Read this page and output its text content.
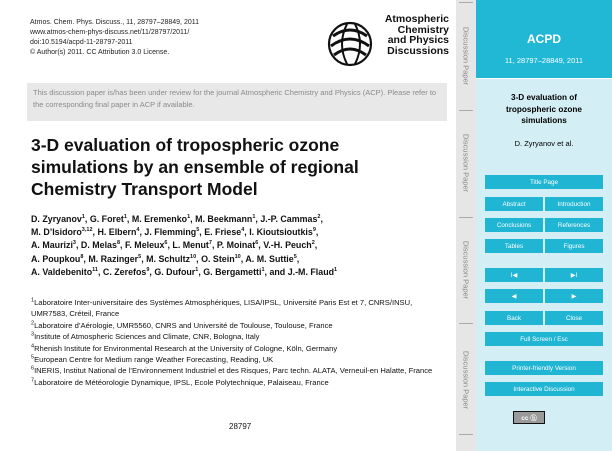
Atmos. Chem. Phys. Discuss., 11, 28797–28849, 2011
www.atmos-chem-phys-discuss.net/11/28797/2011/
doi:10.5194/acpd-11-28797-2011
© Author(s) 2011. CC Attribution 3.0 License.
Atmospheric
Chemistry
and Physics
Discussions
This discussion paper is/has been under review for the journal Atmospheric Chemistry and Physics (ACP). Please refer to the corresponding final paper in ACP if available.
3-D evaluation of tropospheric ozone
simulations by an ensemble of regional
Chemistry Transport Model
D. Zyryanov$^1$, G. Foret$^1$, M. Eremenko$^1$, M. Beekmann$^1$, J.-P. Cammas$^2$,
M. D’Isidoro$^{3,12}$, H. Elbern$^4$, J. Flemming$^5$, E. Friese$^4$, I. Kioutsioutkis$^9$,
A. Maurizi$^3$, D. Melas$^8$, F. Meleux$^6$, L. Menut$^7$, P. Moinat$^6$, V.-H. Peuch$^2$,
A. Poupkou$^8$, M. Razinger$^5$, M. Schultz$^{10}$, O. Stein$^{10}$, A. M. Suttie$^5$,
A. Valdebenito$^{11}$, C. Zerefos$^9$, G. Dufour$^1$, G. Bergametti$^1$, and J.-M. Flaud$^1$

$^1$Laboratoire Inter-universitaire des Systèmes Atmosphériques, LISA/IPSL, Université Paris Est et 7, CNRS/INSU, UMR7583, Créteil, France

$^2$Laboratoire d’Aérologie, UMR5560, CNRS and Université de Toulouse, Toulouse, France

$^3$Institute of Atmospheric Sciences and Climate, CNR, Bologna, Italy

$^4$Rhenish Institute for Environmental Research at the University of Cologne, Köln, Germany

$^5$European Centre for Medium range Weather Forecasting, Reading, UK

$^6$INERIS, Institut National de l’Environnement Industriel et des Risques, Parc techn. ALATA, Verneuil-en Halatte, France

$^7$Laboratoire de Météorologie Dynamique, IPSL, Ecole Polytechnique, Palaiseau, France

28797
Discussion Paper
Discussion Paper
Discussion Paper
Discussion Paper
ACPD
11, 28797–28849, 2011
3-D evaluation of
tropospheric ozone
simulations
D. Zyryanov et al.
Title Page
Abstract	Introduction
Conclusions	References
Tables	Figures
I◀	▶I
◀	▶
Back	Close
Full Screen / Esc
Printer-friendly Version
Interactive Discussion
cc ⓑ
